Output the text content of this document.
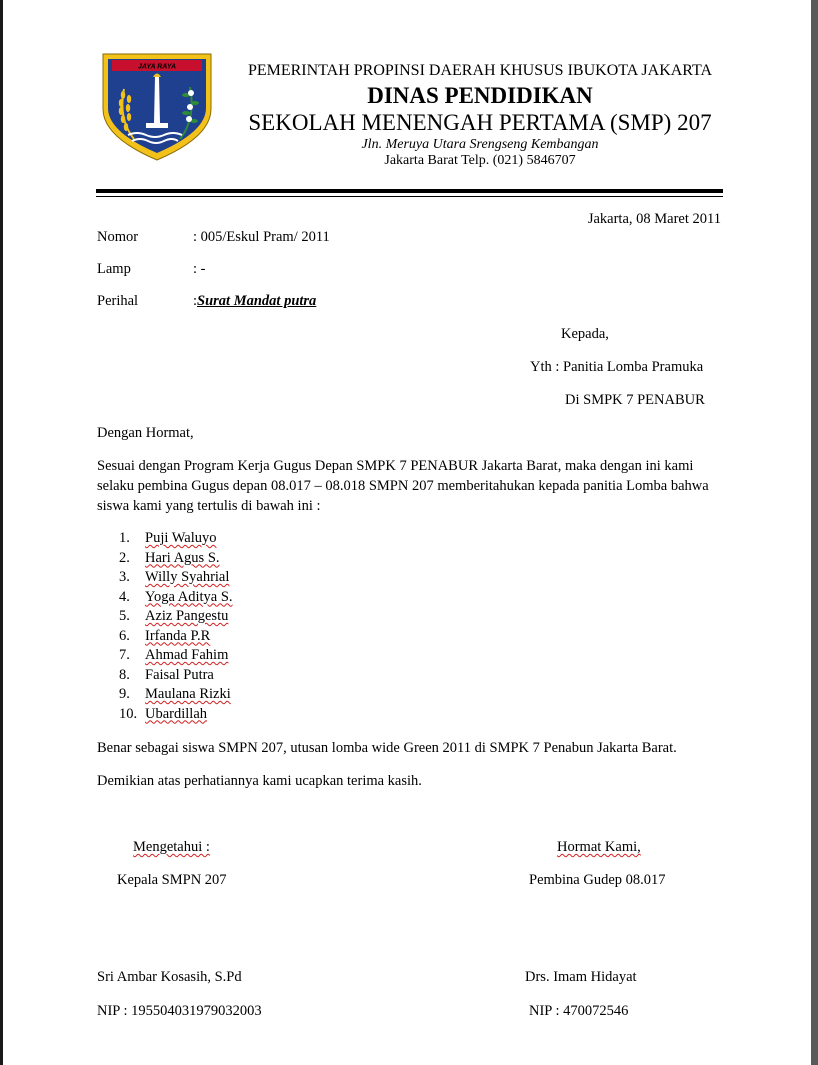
JAYA RAYA	PEMERINTAH PROPINSI DAERAH KHUSUS IBUKOTA JAKARTA
DINAS PENDIDIKAN
SEKOLAH MENENGAH PERTAMA (SMP) 207
Jln. Meruya Utara Srengseng Kembangan
Jakarta Barat Telp. (021) 5846707
Jakarta, 08 Maret 2011
Nomor	: 005/Eskul Pram/ 2011
Lamp	: -
Perihal	:Surat Mandat putra
Kepada,
Yth : Panitia Lomba Pramuka
Di SMPK 7 PENABUR
Dengan Hormat,
Sesuai dengan Program Kerja Gugus Depan SMPK 7 PENABUR Jakarta Barat, maka dengan ini kami selaku pembina Gugus depan 08.017 – 08.018 SMPN 207 memberitahukan kepada panitia Lomba bahwa siswa kami yang tertulis di bawah ini :
1. Puji Waluyo
2. Hari Agus S.
3. Willy Syahrial
4. Yoga Aditya S.
5. Aziz Pangestu
6. Irfanda P.R
7. Ahmad Fahim
8. Faisal Putra
9. Maulana Rizki
10. Ubardillah
Benar sebagai siswa SMPN 207, utusan lomba wide Green 2011 di SMPK 7 Penabun Jakarta Barat.
Demikian atas perhatiannya kami ucapkan terima kasih.
Mengetahui :
Kepala SMPN 207
Sri Ambar Kosasih, S.Pd
NIP : 195504031979032003
Hormat Kami,
Pembina Gudep 08.017
Drs. Imam Hidayat
NIP : 470072546
